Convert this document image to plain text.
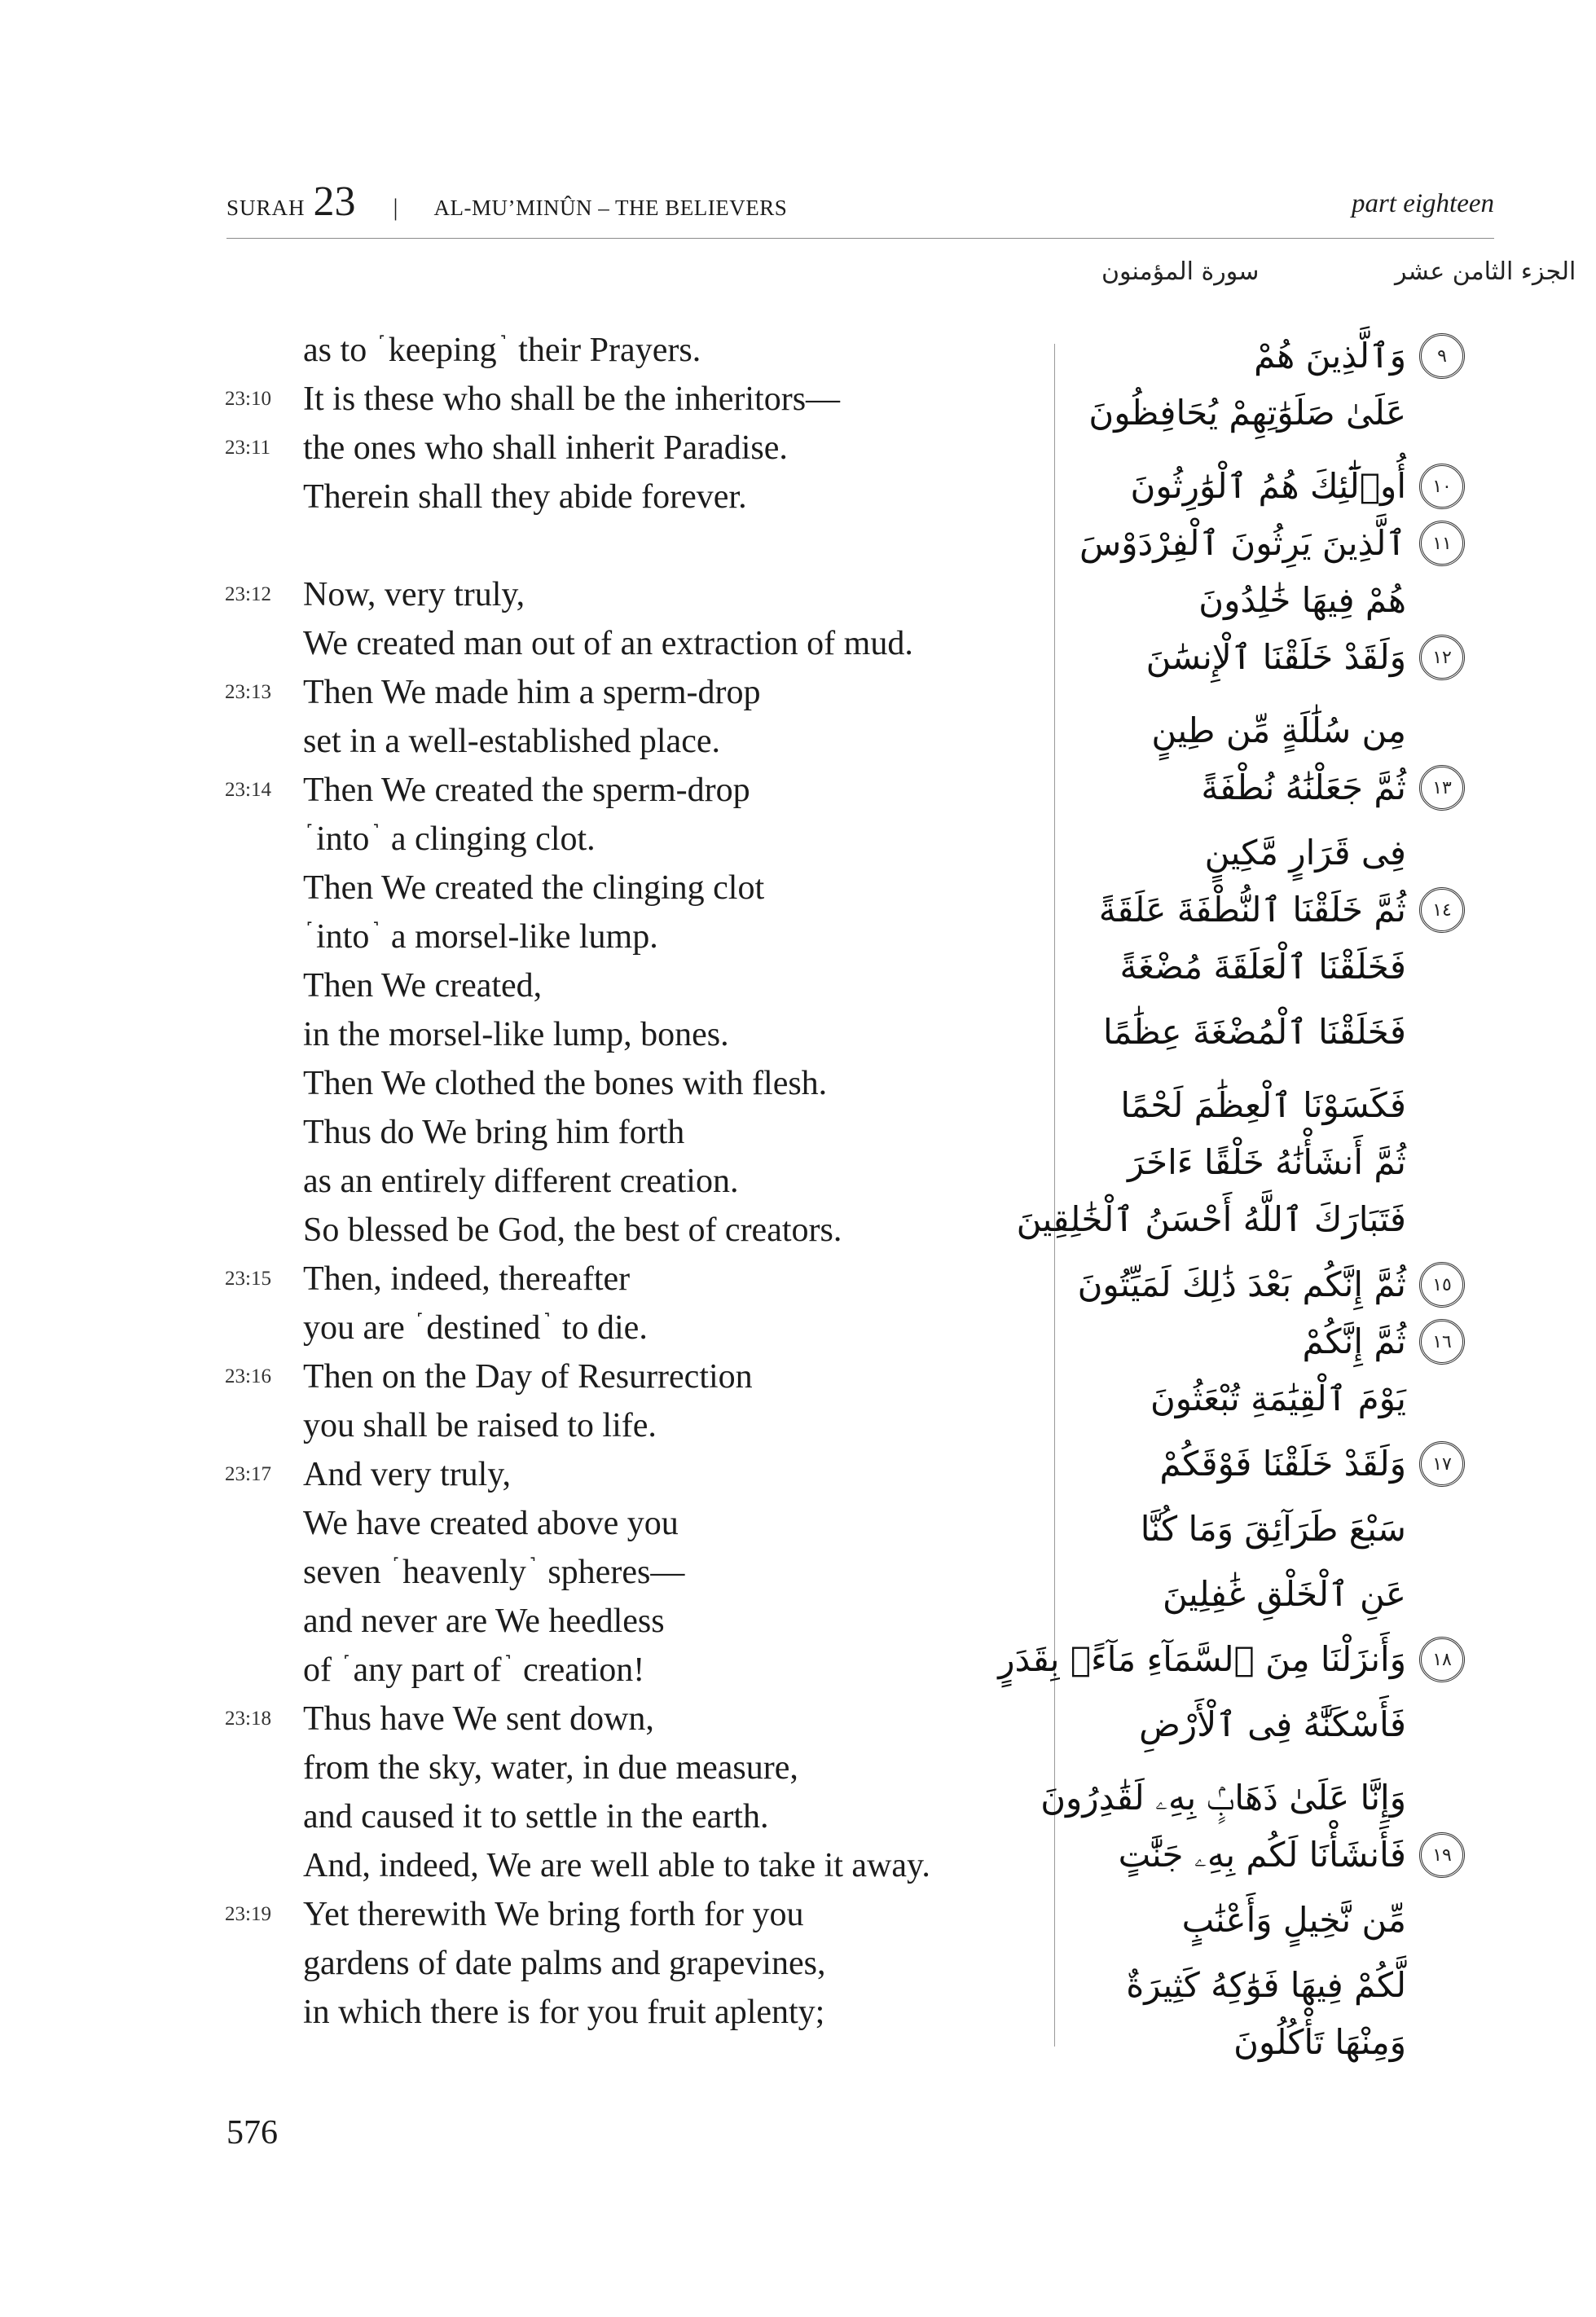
SURAH 23 | AL-MU’MINÛN – THE BELIEVERS	part eighteen
الجزء الثامن عشر
سورة المؤمنون
as to ˹keeping ˺ their Prayers.
23:10 It is these who shall be the inheritors—
23:11 the ones who shall inherit Paradise.
Therein shall they abide forever.
23:12 Now, very truly,
We created man out of an extraction of mud.
23:13 Then We made him a sperm-drop
set in a well-established place.
23:14 Then We created the sperm-drop
˹into ˺ a clinging clot.
Then We created the clinging clot
˹into ˺ a morsel-like lump.
Then We created,
in the morsel-like lump, bones.
Then We clothed the bones with flesh.
Thus do We bring him forth
as an entirely different creation.
So blessed be God, the best of creators.
23:15 Then, indeed, thereafter
you are ˹destined ˺ to die.
23:16 Then on the Day of Resurrection
you shall be raised to life.
23:17 And very truly,
We have created above you
seven ˹heavenly ˺ spheres—
and never are We heedless
of ˹any part of ˺ creation!
23:18 Thus have We sent down,
from the sky, water, in due measure,
and caused it to settle in the earth.
And, indeed, We are well able to take it away.
23:19 Yet therewith We bring forth for you
gardens of date palms and grapevines,
in which there is for you fruit aplenty;
وَٱلَّذِينَ هُمْ	٩
عَلَىٰ صَلَوَٰتِهِمْ يُحَافِظُونَ
أُو۟لَٰٓئِكَ هُمُ ٱلْوَٰرِثُونَ	١٠
ٱلَّذِينَ يَرِثُونَ ٱلْفِرْدَوْسَ	١١
هُمْ فِيهَا خَٰلِدُونَ
وَلَقَدْ خَلَقْنَا ٱلْإِنسَٰنَ	١٢
مِن سُلَٰلَةٍ مِّن طِينٍ
ثُمَّ جَعَلْنَٰهُ نُطْفَةً	١٣
فِى قَرَارٍ مَّكِينٍ
ثُمَّ خَلَقْنَا ٱلنُّطْفَةَ عَلَقَةً	١٤
فَخَلَقْنَا ٱلْعَلَقَةَ مُضْغَةً
فَخَلَقْنَا ٱلْمُضْغَةَ عِظَٰمًا
فَكَسَوْنَا ٱلْعِظَٰمَ لَحْمًا
ثُمَّ أَنشَأْنَٰهُ خَلْقًا ءَاخَرَ
فَتَبَارَكَ ٱللَّهُ أَحْسَنُ ٱلْخَٰلِقِينَ
ثُمَّ إِنَّكُم بَعْدَ ذَٰلِكَ لَمَيِّتُونَ	١٥
ثُمَّ إِنَّكُمْ	١٦
يَوْمَ ٱلْقِيَٰمَةِ تُبْعَثُونَ
وَلَقَدْ خَلَقْنَا فَوْقَكُمْ	١٧
سَبْعَ طَرَآئِقَ وَمَا كُنَّا
عَنِ ٱلْخَلْقِ غَٰفِلِينَ
وَأَنزَلْنَا مِنَ ٱلسَّمَآءِ مَآءًۢ بِقَدَرٍ	١٨
فَأَسْكَنَّٰهُ فِى ٱلْأَرْضِ
وَإِنَّا عَلَىٰ ذَهَابٍۢ بِهِۦ لَقَٰدِرُونَ
فَأَنشَأْنَا لَكُم بِهِۦ جَنَّٰتٍ	١٩
مِّن نَّخِيلٍ وَأَعْنَٰبٍ
لَّكُمْ فِيهَا فَوَٰكِهُ كَثِيرَةٌ
وَمِنْهَا تَأْكُلُونَ
576
